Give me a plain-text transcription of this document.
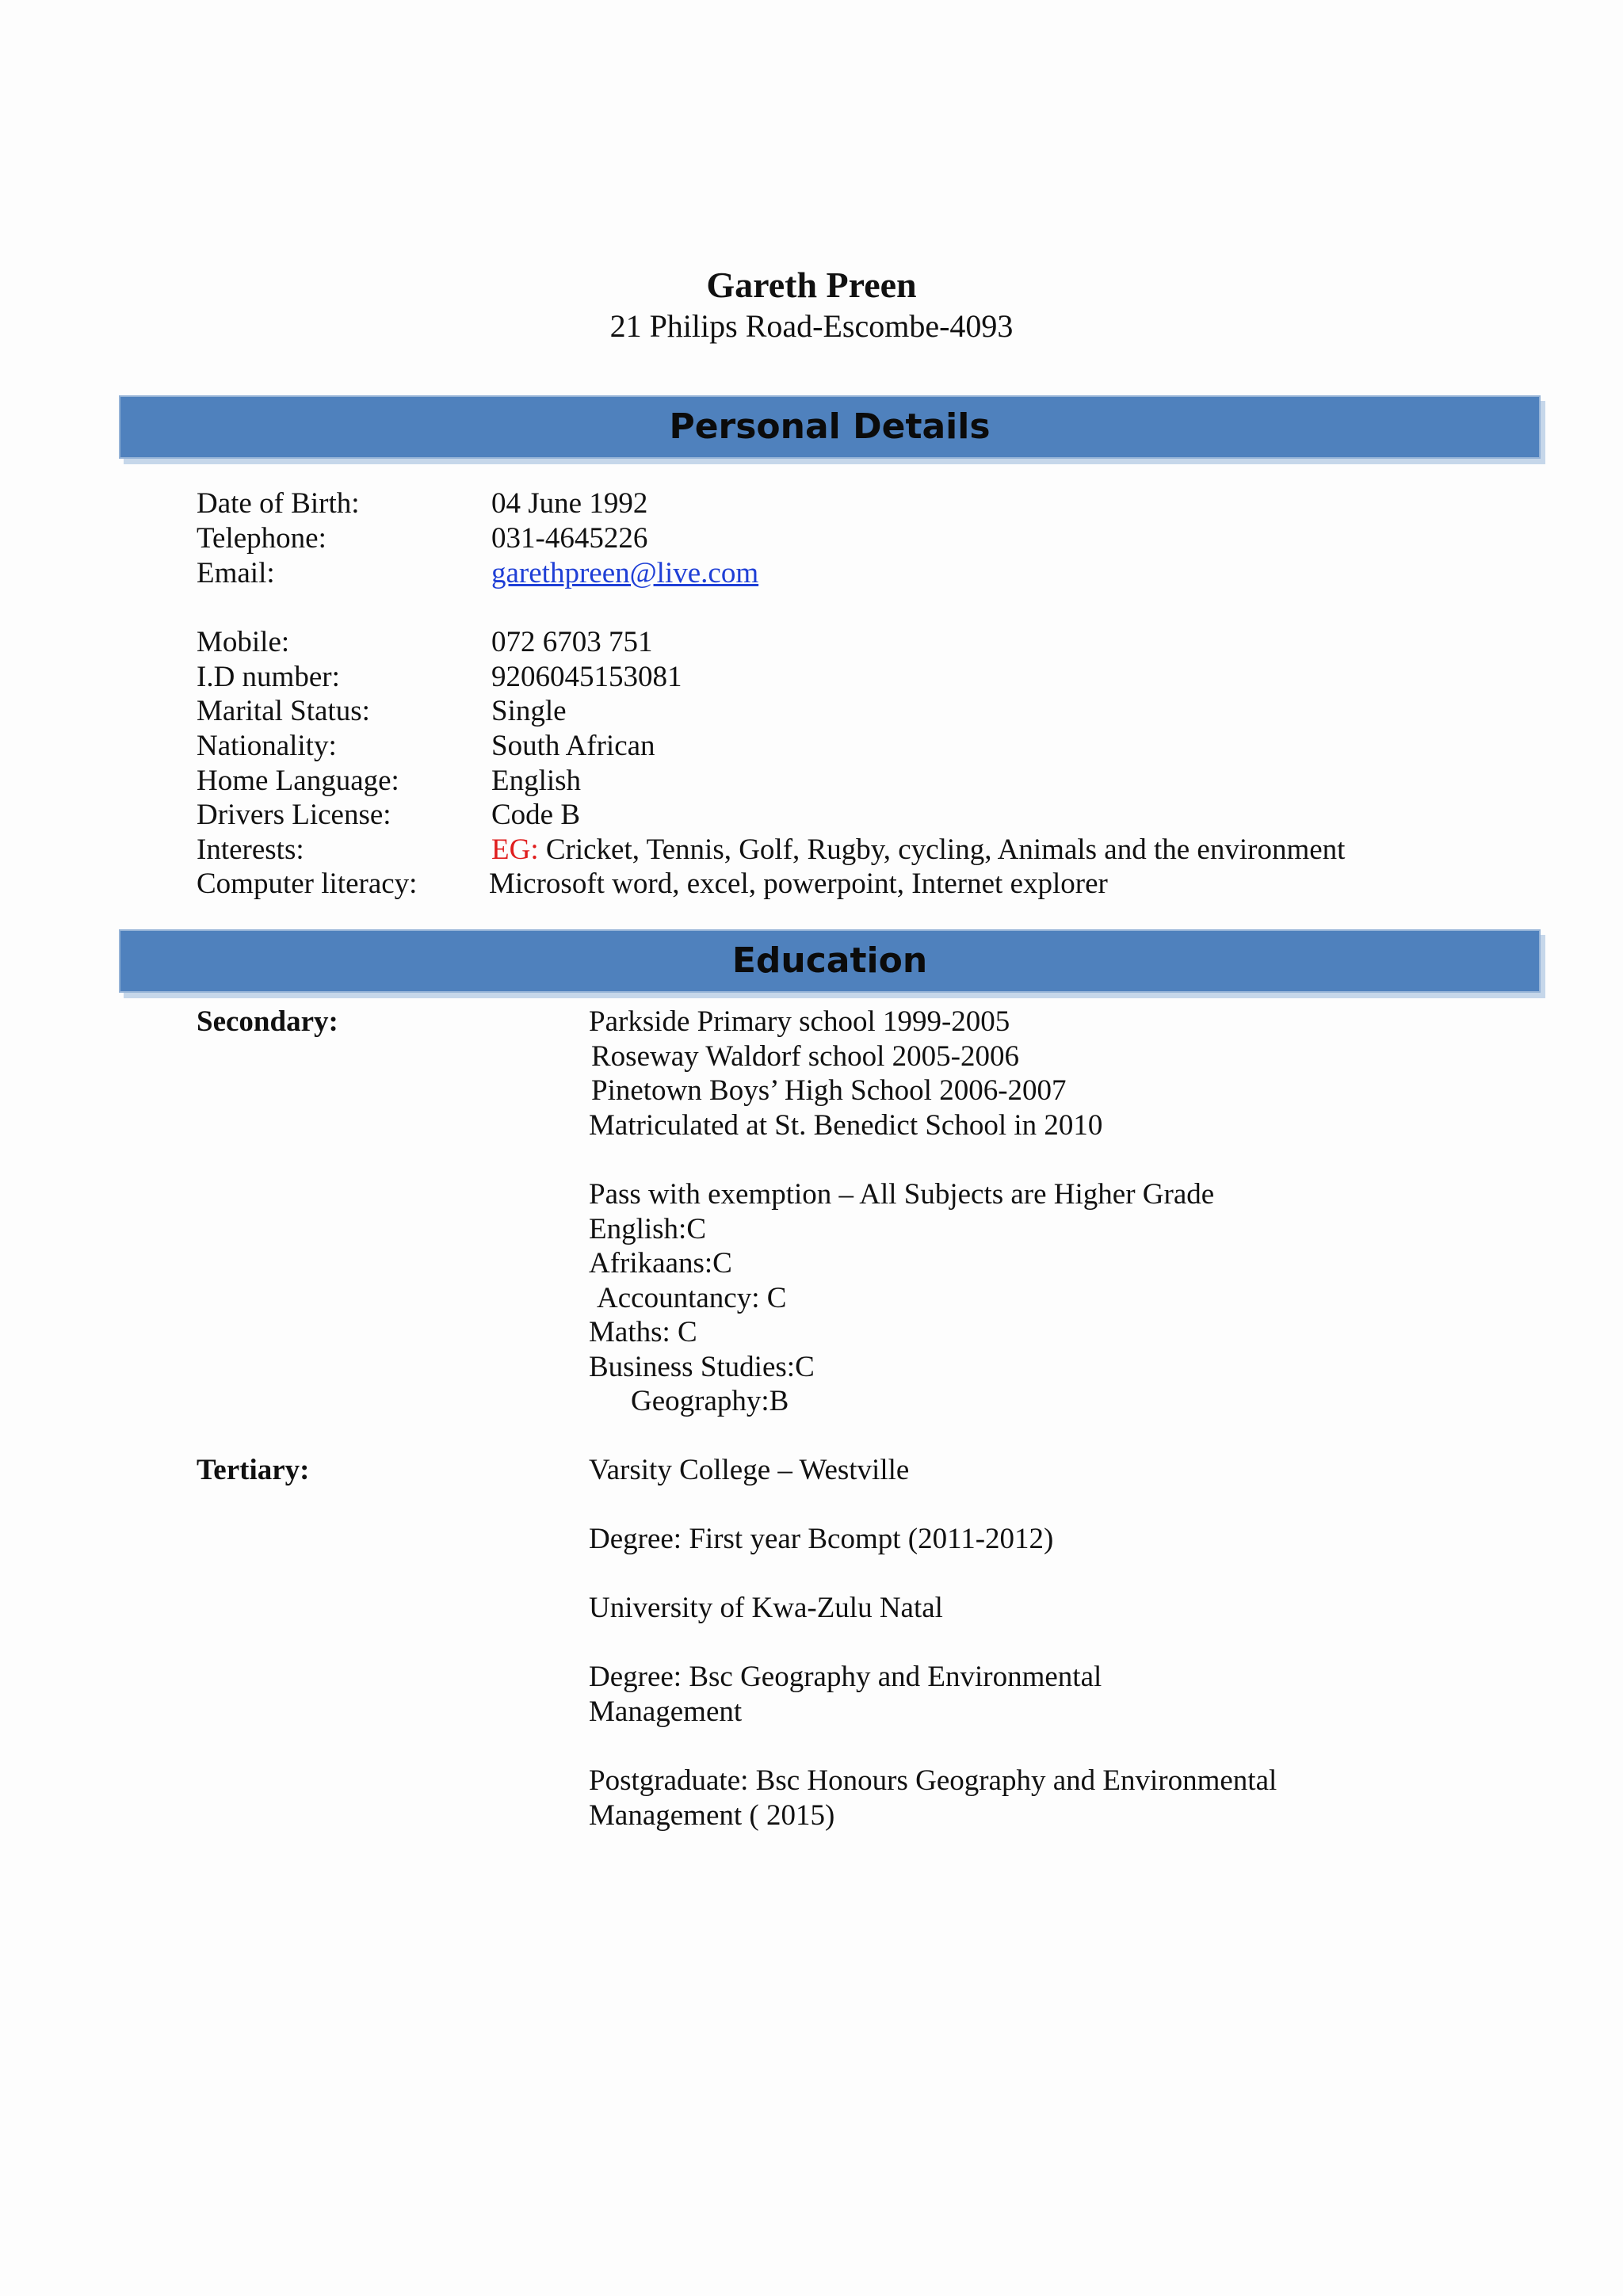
Gareth Preen
21 Philips Road-Escombe-4093
Personal Details
Date of Birth:	04 June 1992
Telephone:	031-4645226
Email:	garethpreen@live.com
Mobile:	072 6703 751
I.D number:	9206045153081
Marital Status:	Single
Nationality:	South African
Home Language:	English
Drivers License:	Code B
Interests:	EG: Cricket, Tennis, Golf, Rugby, cycling, Animals and the environment
Computer literacy: Microsoft word, excel, powerpoint, Internet explorer
Education
Secondary:	Parkside Primary school 1999-2005
Roseway Waldorf school 2005-2006
Pinetown Boys’ High School 2006-2007
Matriculated at St. Benedict School in 2010
Pass with exemption – All Subjects are Higher Grade
English:C
Afrikaans:C
Accountancy: C
Maths: C
Business Studies:C
Geography:B
Tertiary:	Varsity College – Westville
Degree: First year Bcompt (2011-2012)
University of Kwa-Zulu Natal
Degree: Bsc Geography and Environmental
Management
Postgraduate: Bsc Honours Geography and Environmental
Management ( 2015)
